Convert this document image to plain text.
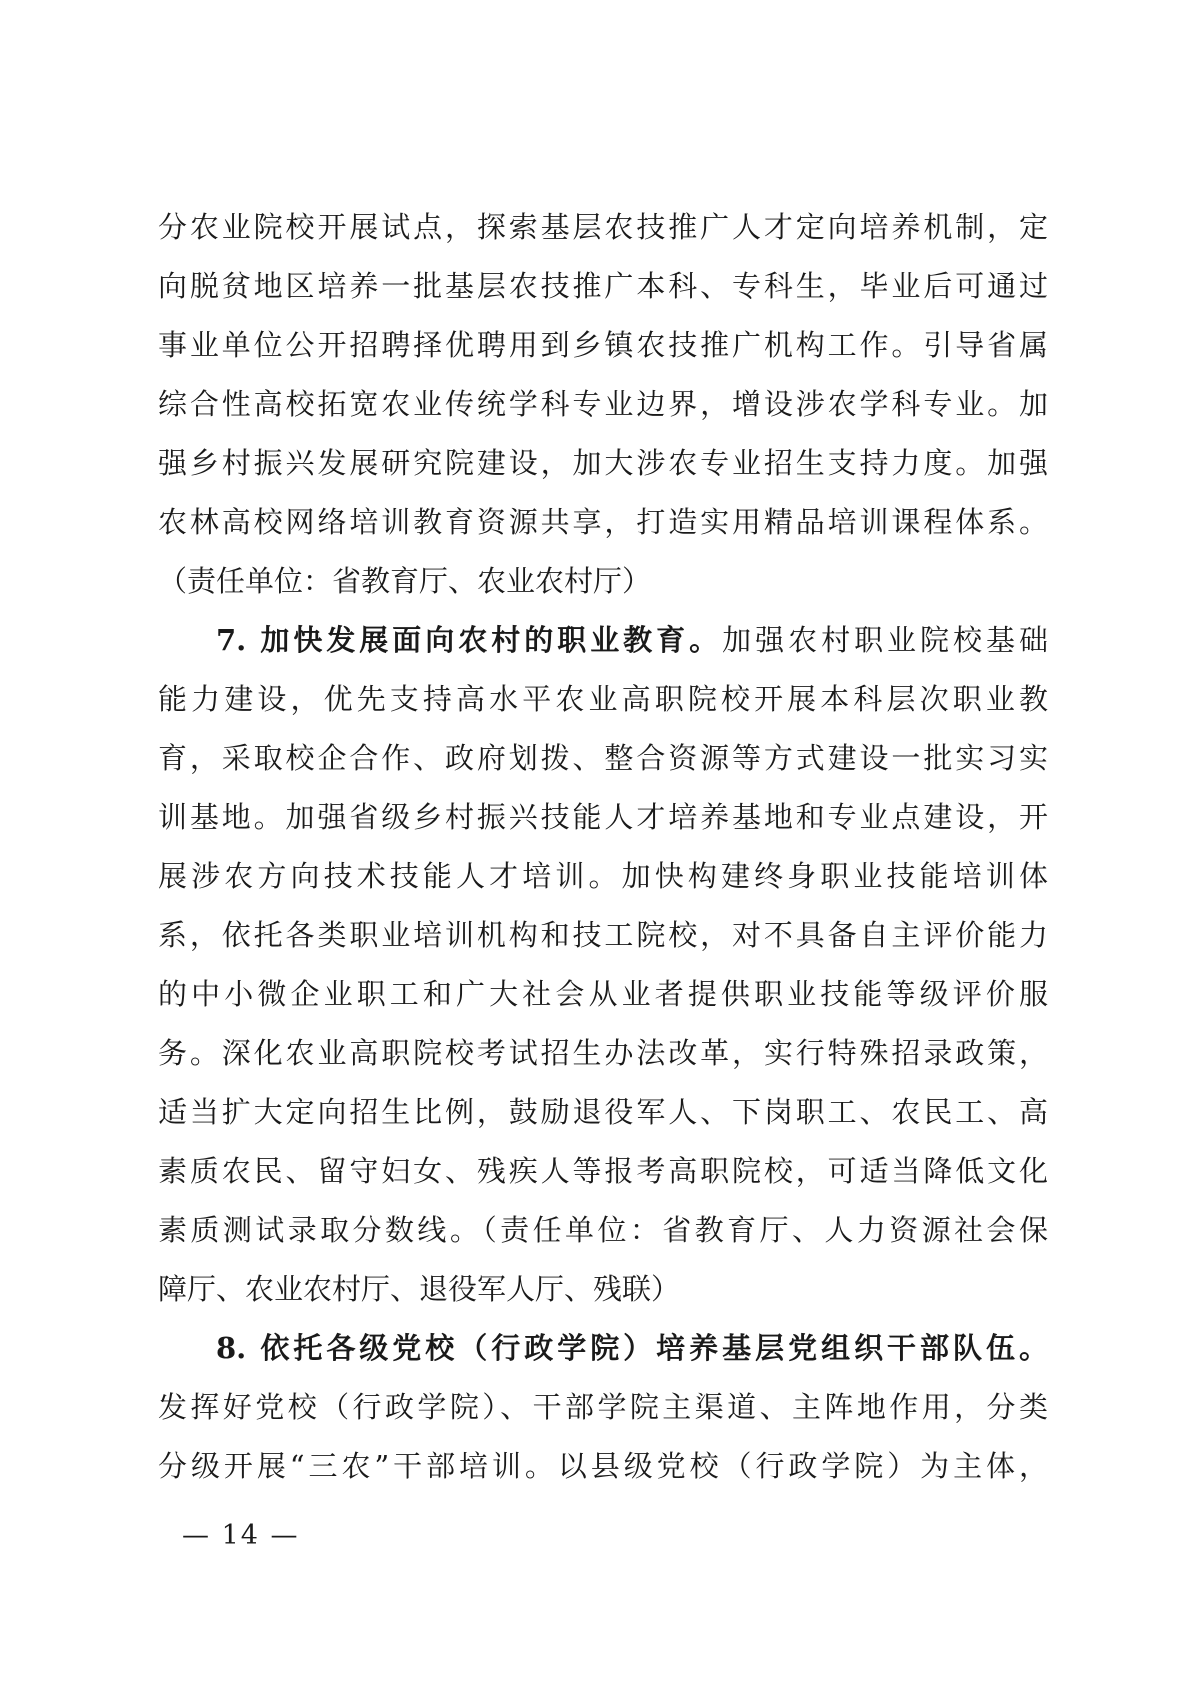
分农业院校开展试点，探索基层农技推广人才定向培养机制，定
向脱贫地区培养一批基层农技推广本科、专科生，毕业后可通过
事业单位公开招聘择优聘用到乡镇农技推广机构工作。引导省属
综合性高校拓宽农业传统学科专业边界，增设涉农学科专业。加
强乡村振兴发展研究院建设，加大涉农专业招生支持力度。加强
农林高校网络培训教育资源共享，打造实用精品培训课程体系。
（责任单位：省教育厅、农业农村厅）
7. 加快发展面向农村的职业教育。加强农村职业院校基础
能力建设，优先支持高水平农业高职院校开展本科层次职业教
育，采取校企合作、政府划拨、整合资源等方式建设一批实习实
训基地。加强省级乡村振兴技能人才培养基地和专业点建设，开
展涉农方向技术技能人才培训。加快构建终身职业技能培训体
系，依托各类职业培训机构和技工院校，对不具备自主评价能力
的中小微企业职工和广大社会从业者提供职业技能等级评价服
务。深化农业高职院校考试招生办法改革，实行特殊招录政策，
适当扩大定向招生比例，鼓励退役军人、下岗职工、农民工、高
素质农民、留守妇女、残疾人等报考高职院校，可适当降低文化
素质测试录取分数线。（责任单位：省教育厅、人力资源社会保
障厅、农业农村厅、退役军人厅、残联）
8. 依托各级党校（行政学院）培养基层党组织干部队伍。
发挥好党校（行政学院）、干部学院主渠道、主阵地作用，分类
分级开展“三农”干部培训。以县级党校（行政学院）为主体，
— 14 —
